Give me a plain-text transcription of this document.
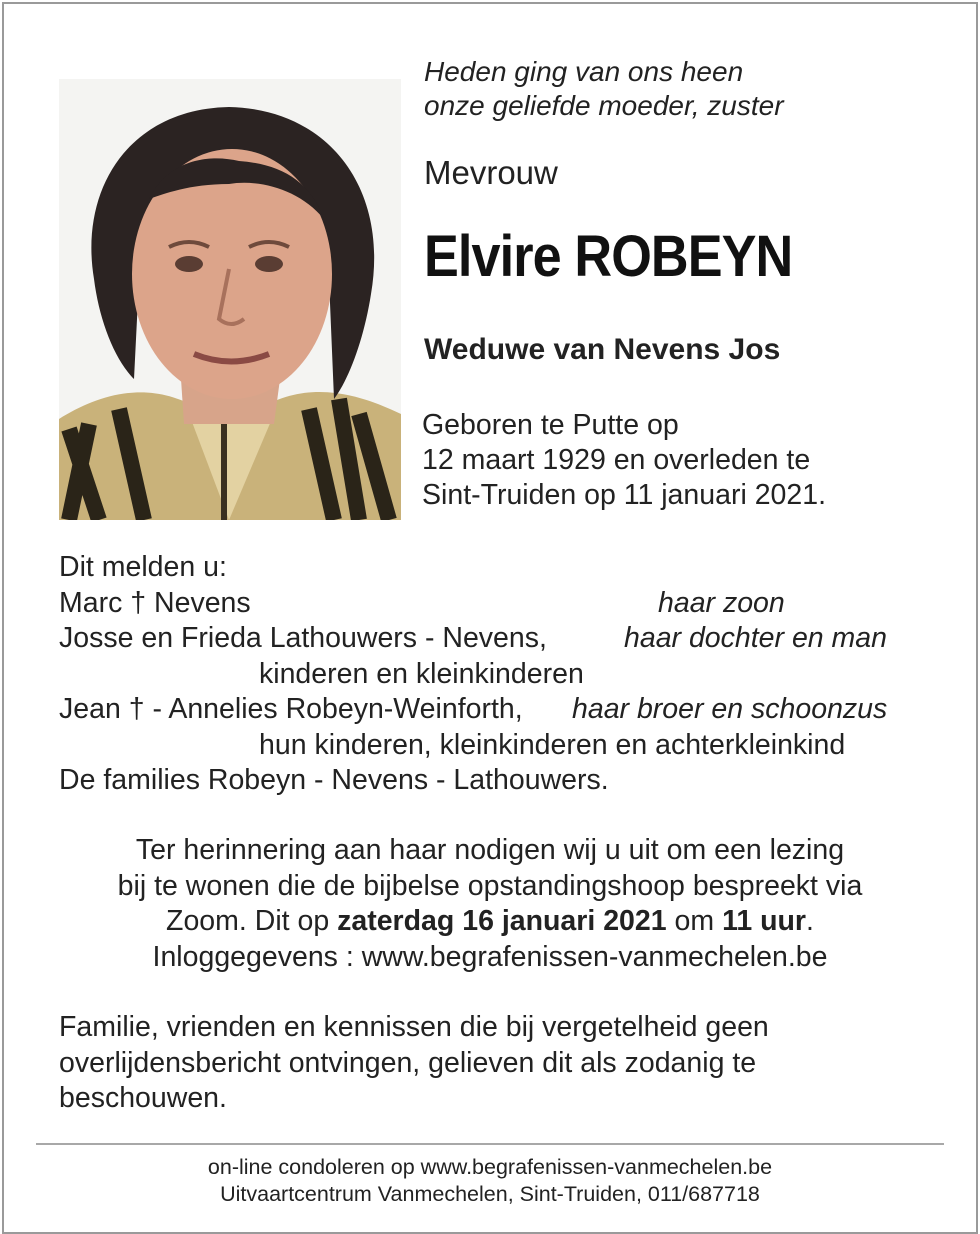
Heden ging van ons heen
onze geliefde moeder, zuster
Mevrouw
Elvire ROBEYN
Weduwe van Nevens Jos
Geboren te Putte op
12 maart 1929 en overleden te
Sint-Truiden op 11 januari 2021.
Dit melden u:
Marc † Nevens	haar zoon
Josse en Frieda Lathouwers - Nevens,	haar dochter en man
kinderen en kleinkinderen
Jean † - Annelies Robeyn-Weinforth, haar broer en schoonzus
hun kinderen, kleinkinderen en achterkleinkind
De families Robeyn - Nevens - Lathouwers.
Ter herinnering aan haar nodigen wij u uit om een lezing
bij te wonen die de bijbelse opstandingshoop bespreekt via
Zoom. Dit op zaterdag 16 januari 2021 om 11 uur.
Inloggegevens : www.begrafenissen-vanmechelen.be
Familie, vrienden en kennissen die bij vergetelheid geen
overlijdensbericht ontvingen, gelieven dit als zodanig te
beschouwen.
on-line condoleren op www.begrafenissen-vanmechelen.be
Uitvaartcentrum Vanmechelen, Sint-Truiden, 011/687718
